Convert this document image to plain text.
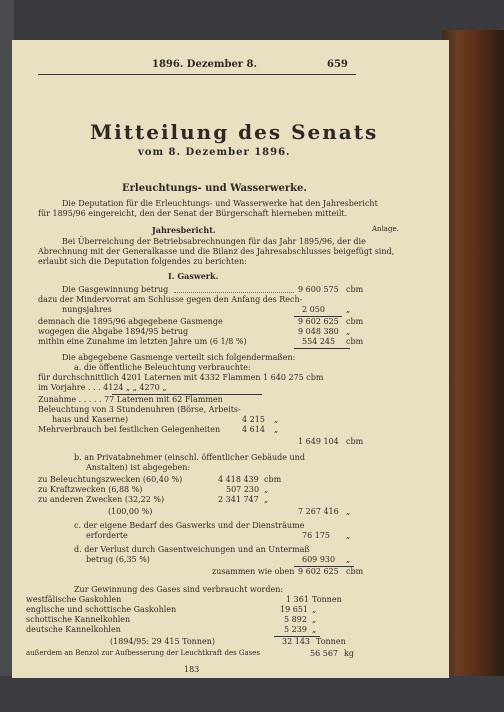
1896. Dezember 8.	659
Mitteilung des Senats
vom 8. Dezember 1896.
Erleuchtungs- und Wasserwerke.
Die Deputation für die Erleuchtungs- und Wasserwerke hat den Jahresbericht
für 1895/96 eingereicht, den der Senat der Bürgerschaft hierneben mitteilt.
Anlage.
Jahresbericht.
Bei Überreichung der Betriebsabrechnungen für das Jahr 1895/96, der die
Abrechnung mit der Generalkasse und die Bilanz des Jahresabschlusses beigefügt sind,
erlaubt sich die Deputation folgendes zu berichten:
I. Gaswerk.
Die Gasgewinnung betrug	9 600 575 cbm
dazu der Mindervorrat am Schlusse gegen den Anfang des Rech-
nungsjahres	2 050	„
demnach die 1895/96 abgegebene Gasmenge	9 602 625 cbm
wogegen die Abgabe 1894/95 betrug	9 048 380 „
mithin eine Zunahme im letzten Jahre um (6 1/8 %)	554 245 cbm
Die abgegebene Gasmenge verteilt sich folgendermaßen:
a. die öffentliche Beleuchtung verbrauchte:
für durchschnittlich 4201 Laternen mit 4332 Flammen 1 640 275 cbm
im Vorjahre . . . 4124 „ „ 4270 „
Zunahme . . . . . 77 Laternen mit 62 Flammen
Beleuchtung von 3 Stundenuhren (Börse, Arbeits-
haus und Kaserne)	4 215 „
Mehrverbrauch bei festlichen Gelegenheiten	4 614 „
1 649 104 cbm
b. an Privatabnehmer (einschl. öffentlicher Gebäude und
Anstalten) ist abgegeben:
zu Beleuchtungszwecken (60,40 %)	4 418 439 cbm
zu Kraftzwecken (6,88 %)	507 230 „
zu anderen Zwecken (32,22 %)	2 341 747 „
(100,00 %)	7 267 416 „
c. der eigene Bedarf des Gaswerks und der Diensträume
erforderte	76 175 „
d. der Verlust durch Gasentweichungen und an Untermaß
betrug (6,35 %)	609 930 „
zusammen wie oben 9 602 625 cbm
Zur Gewinnung des Gases sind verbraucht worden:
westfälische Gaskohlen	1 361 Tonnen
englische und schottische Gaskohlen	19 651 „
schottische Kannelkohlen	5 892 „
deutsche Kannelkohlen	5 239 „
(1894/95: 29 415 Tonnen)	32 143 Tonnen
außerdem an Benzol zur Aufbesserung der Leuchtkraft des Gases	56 567 kg
183
